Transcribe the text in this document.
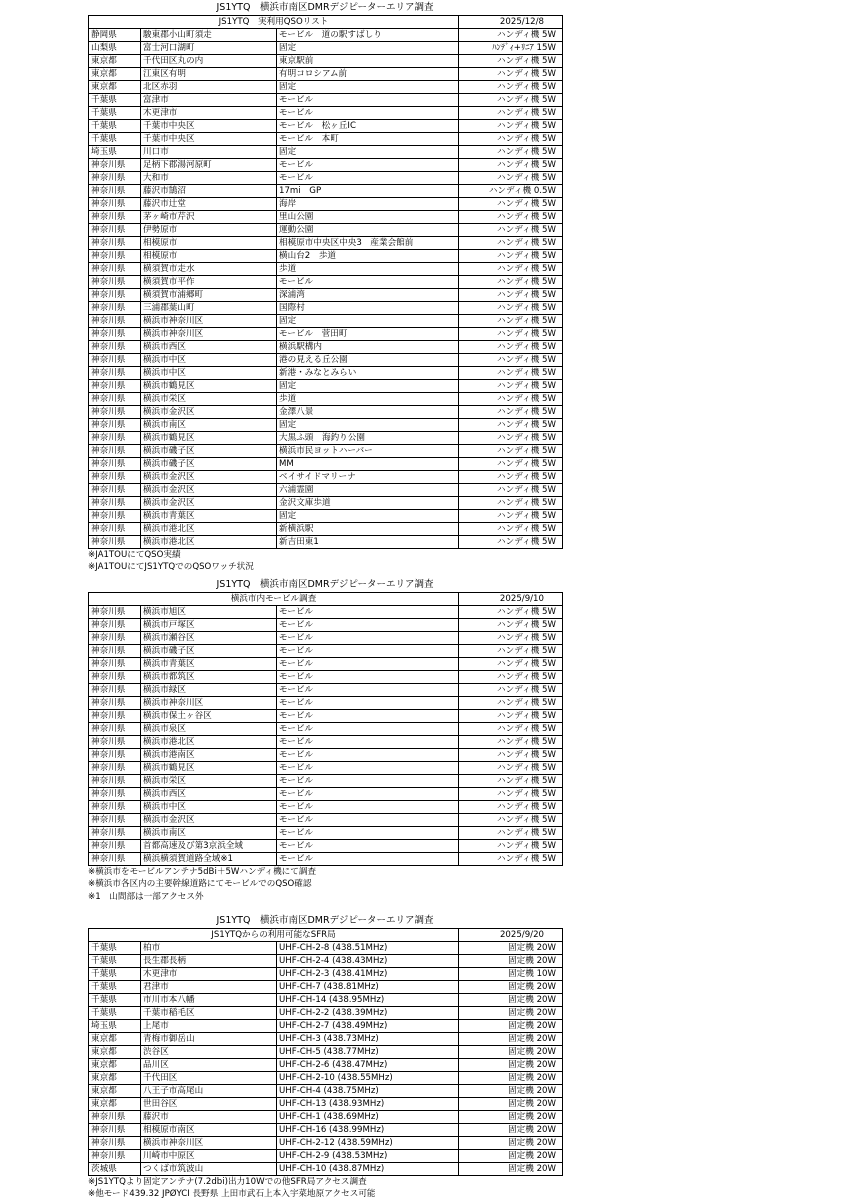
JS1YTQ　横浜市南区DMRデジピーターエリア調査
JS1YTQ　実利用QSOリスト			2025/12/8
静岡県	駿東郡小山町須走	モービル　道の駅すばしり	ハンディ機 5W
山梨県	富士河口湖町	固定	ﾊﾝﾃﾞｨ+ﾘﾆｱ 15W
東京都	千代田区丸の内	東京駅前	ハンディ機 5W
東京都	江東区有明	有明コロシアム前	ハンディ機 5W
東京都	北区赤羽	固定	ハンディ機 5W
千葉県	富津市	モービル	ハンディ機 5W
千葉県	木更津市	モービル	ハンディ機 5W
千葉県	千葉市中央区	モービル　松ヶ丘IC	ハンディ機 5W
千葉県	千葉市中央区	モービル　本町	ハンディ機 5W
埼玉県	川口市	固定	ハンディ機 5W
神奈川県	足柄下郡湯河原町	モービル	ハンディ機 5W
神奈川県	大和市	モービル	ハンディ機 5W
神奈川県	藤沢市鵠沼	17mi　GP	ハンディ機 0.5W
神奈川県	藤沢市辻堂	海岸	ハンディ機 5W
神奈川県	茅ヶ崎市芹沢	里山公園	ハンディ機 5W
神奈川県	伊勢原市	運動公園	ハンディ機 5W
神奈川県	相模原市	相模原市中央区中央3　産業会館前	ハンディ機 5W
神奈川県	相模原市	横山台2　歩道	ハンディ機 5W
神奈川県	横須賀市走水	歩道	ハンディ機 5W
神奈川県	横須賀市平作	モービル	ハンディ機 5W
神奈川県	横須賀市浦郷町	深浦湾	ハンディ機 5W
神奈川県	三浦郡葉山町	国際村	ハンディ機 5W
神奈川県	横浜市神奈川区	固定	ハンディ機 5W
神奈川県	横浜市神奈川区	モービル　菅田町	ハンディ機 5W
神奈川県	横浜市西区	横浜駅構内	ハンディ機 5W
神奈川県	横浜市中区	港の見える丘公園	ハンディ機 5W
神奈川県	横浜市中区	新港・みなとみらい	ハンディ機 5W
神奈川県	横浜市鶴見区	固定	ハンディ機 5W
神奈川県	横浜市栄区	歩道	ハンディ機 5W
神奈川県	横浜市金沢区	金澤八景	ハンディ機 5W
神奈川県	横浜市南区	固定	ハンディ機 5W
神奈川県	横浜市鶴見区	大黒ふ頭　海釣り公園	ハンディ機 5W
神奈川県	横浜市磯子区	横浜市民ヨットハーバー	ハンディ機 5W
神奈川県	横浜市磯子区	MM	ハンディ機 5W
神奈川県	横浜市金沢区	ベイサイドマリーナ	ハンディ機 5W
神奈川県	横浜市金沢区	六浦霊園	ハンディ機 5W
神奈川県	横浜市金沢区	金沢文庫歩道	ハンディ機 5W
神奈川県	横浜市青葉区	固定	ハンディ機 5W
神奈川県	横浜市港北区	新横浜駅	ハンディ機 5W
神奈川県	横浜市港北区	新吉田東1	ハンディ機 5W
※JA1TOUにてQSO実績
※JA1TOUにてJS1YTQでのQSOワッチ状況
JS1YTQ　横浜市南区DMRデジピーターエリア調査
横浜市内モービル調査			2025/9/10
神奈川県	横浜市旭区	モービル	ハンディ機 5W
神奈川県	横浜市戸塚区	モービル	ハンディ機 5W
神奈川県	横浜市瀬谷区	モービル	ハンディ機 5W
神奈川県	横浜市磯子区	モービル	ハンディ機 5W
神奈川県	横浜市青葉区	モービル	ハンディ機 5W
神奈川県	横浜市都筑区	モービル	ハンディ機 5W
神奈川県	横浜市緑区	モービル	ハンディ機 5W
神奈川県	横浜市神奈川区	モービル	ハンディ機 5W
神奈川県	横浜市保土ヶ谷区	モービル	ハンディ機 5W
神奈川県	横浜市泉区	モービル	ハンディ機 5W
神奈川県	横浜市港北区	モービル	ハンディ機 5W
神奈川県	横浜市港南区	モービル	ハンディ機 5W
神奈川県	横浜市鶴見区	モービル	ハンディ機 5W
神奈川県	横浜市栄区	モービル	ハンディ機 5W
神奈川県	横浜市西区	モービル	ハンディ機 5W
神奈川県	横浜市中区	モービル	ハンディ機 5W
神奈川県	横浜市金沢区	モービル	ハンディ機 5W
神奈川県	横浜市南区	モービル	ハンディ機 5W
神奈川県	首都高速及び第3京浜全域	モービル	ハンディ機 5W
神奈川県	横浜横須賀道路全域※1	モービル	ハンディ機 5W
※横浜市をモービルアンテナ5dBi＋5Wハンディ機にて調査
※横浜市各区内の主要幹線道路にてモービルでのQSO確認
※1　山間部は一部アクセス外
JS1YTQ　横浜市南区DMRデジピーターエリア調査
JS1YTQからの利用可能なSFR局			2025/9/20
千葉県	柏市	UHF-CH-2-8 (438.51MHz)	固定機 20W
千葉県	長生郡長柄	UHF-CH-2-4 (438.43MHz)	固定機 20W
千葉県	木更津市	UHF-CH-2-3 (438.41MHz)	固定機 10W
千葉県	君津市	UHF-CH-7 (438.81MHz)	固定機 20W
千葉県	市川市本八幡	UHF-CH-14 (438.95MHz)	固定機 20W
千葉県	千葉市稲毛区	UHF-CH-2-2 (438.39MHz)	固定機 20W
埼玉県	上尾市	UHF-CH-2-7 (438.49MHz)	固定機 20W
東京都	青梅市御岳山	UHF-CH-3 (438.73MHz)	固定機 20W
東京都	渋谷区	UHF-CH-5 (438.77MHz)	固定機 20W
東京都	品川区	UHF-CH-2-6 (438.47MHz)	固定機 20W
東京都	千代田区	UHF-CH-2-10 (438.55MHz)	固定機 20W
東京都	八王子市高尾山	UHF-CH-4 (438.75MHz)	固定機 20W
東京都	世田谷区	UHF-CH-13 (438.93MHz)	固定機 20W
神奈川県	藤沢市	UHF-CH-1 (438.69MHz)	固定機 20W
神奈川県	相模原市南区	UHF-CH-16 (438.99MHz)	固定機 20W
神奈川県	横浜市神奈川区	UHF-CH-2-12 (438.59MHz)	固定機 20W
神奈川県	川崎市中原区	UHF-CH-2-9 (438.53MHz)	固定機 20W
茨城県	つくば市筑波山	UHF-CH-10 (438.87MHz)	固定機 20W
※JS1YTQより固定アンテナ(7.2dbi)出力10Wでの他SFR局アクセス調査
※他モード439.32 JPØYCI 長野県 上田市武石上本入宇菜地原アクセス可能
